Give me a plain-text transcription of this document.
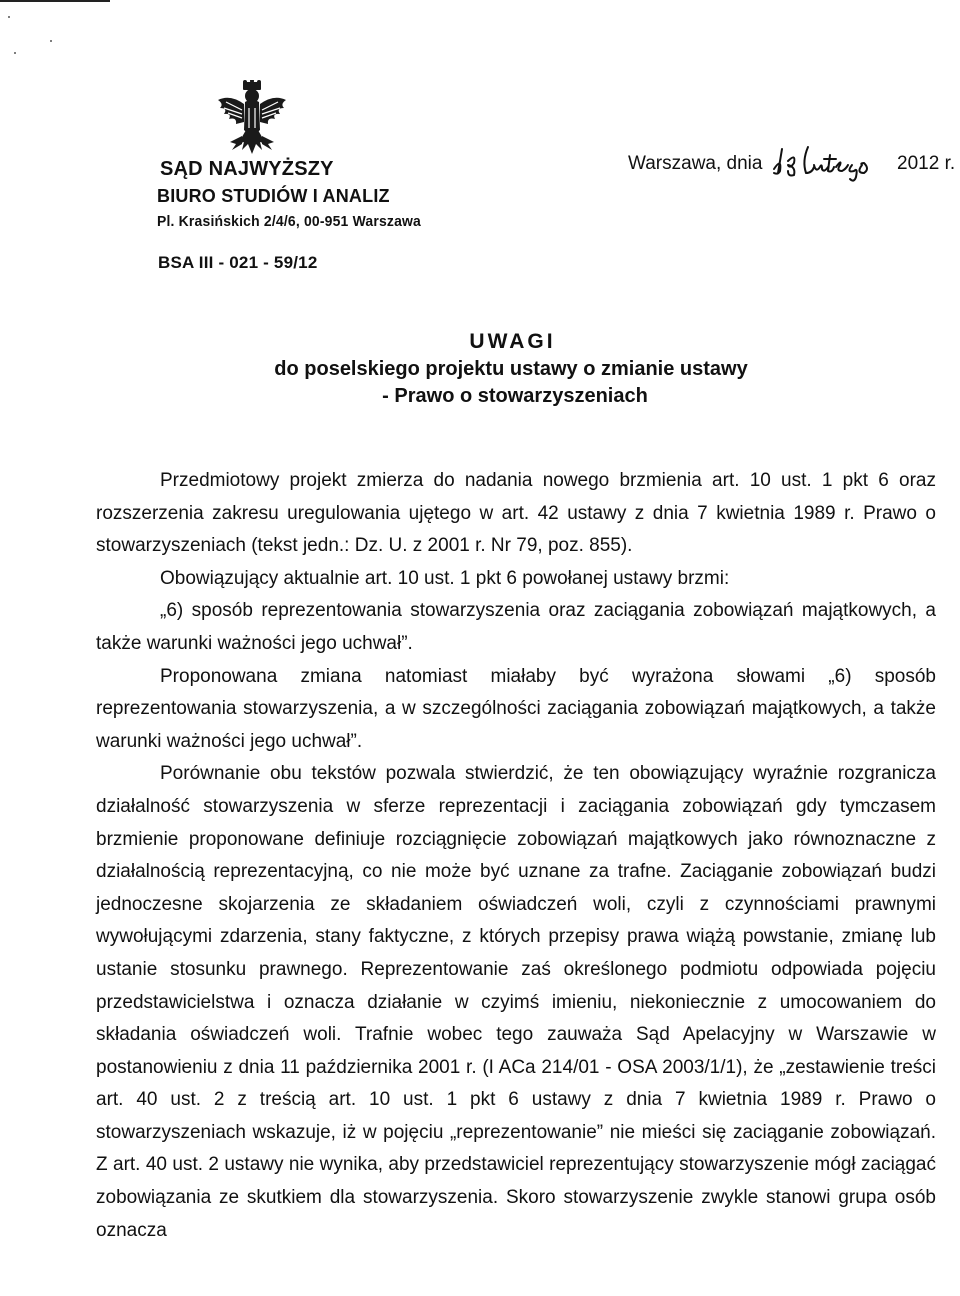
SĄD NAJWYŻSZY
BIURO STUDIÓW I ANALIZ
Pl. Krasińskich 2/4/6, 00-951 Warszawa
BSA III - 021 - 59/12
Warszawa, dnia	2012 r.
UWAGI
do poselskiego projektu ustawy o zmianie ustawy
- Prawo o stowarzyszeniach

Przedmiotowy projekt zmierza do nadania nowego brzmienia art. 10 ust. 1 pkt 6 oraz rozszerzenia zakresu uregulowania ujętego w art. 42 ustawy z dnia 7 kwietnia 1989 r. Prawo o stowarzyszeniach (tekst jedn.: Dz. U. z 2001 r. Nr 79, poz. 855).

Obowiązujący aktualnie art. 10 ust. 1 pkt 6 powołanej ustawy brzmi:

„6) sposób reprezentowania stowarzyszenia oraz zaciągania zobowiązań majątkowych, a także warunki ważności jego uchwał”.

Proponowana zmiana natomiast miałaby być wyrażona słowami „6) sposób reprezentowania stowarzyszenia, a w szczególności zaciągania zobowiązań majątkowych, a także warunki ważności jego uchwał”.

Porównanie obu tekstów pozwala stwierdzić, że ten obowiązujący wyraźnie rozgranicza działalność stowarzyszenia w sferze reprezentacji i zaciągania zobowiązań gdy tymczasem brzmienie proponowane definiuje rozciągnięcie zobowiązań majątkowych jako równoznaczne z działalnością reprezentacyjną, co nie może być uznane za trafne. Zaciąganie zobowiązań budzi jednoczesne skojarzenia ze składaniem oświadczeń woli, czyli z czynnościami prawnymi wywołującymi zdarzenia, stany faktyczne, z których przepisy prawa wiążą powstanie, zmianę lub ustanie stosunku prawnego. Reprezentowanie zaś określonego podmiotu odpowiada pojęciu przedstawicielstwa i oznacza działanie w czyimś imieniu, niekoniecznie z umocowaniem do składania oświadczeń woli. Trafnie wobec tego zauważa Sąd Apelacyjny w Warszawie w postanowieniu z dnia 11 października 2001 r. (I ACa 214/01 - OSA 2003/1/1), że „zestawienie treści art. 40 ust. 2 z treścią art. 10 ust. 1 pkt 6 ustawy z dnia 7 kwietnia 1989 r. Prawo o stowarzyszeniach wskazuje, iż w pojęciu „reprezentowanie” nie mieści się zaciąganie zobowiązań. Z art. 40 ust. 2 ustawy nie wynika, aby przedstawiciel reprezentujący stowarzyszenie mógł zaciągać zobowiązania ze skutkiem dla stowarzyszenia. Skoro stowarzyszenie zwykle stanowi grupa osób oznacza
